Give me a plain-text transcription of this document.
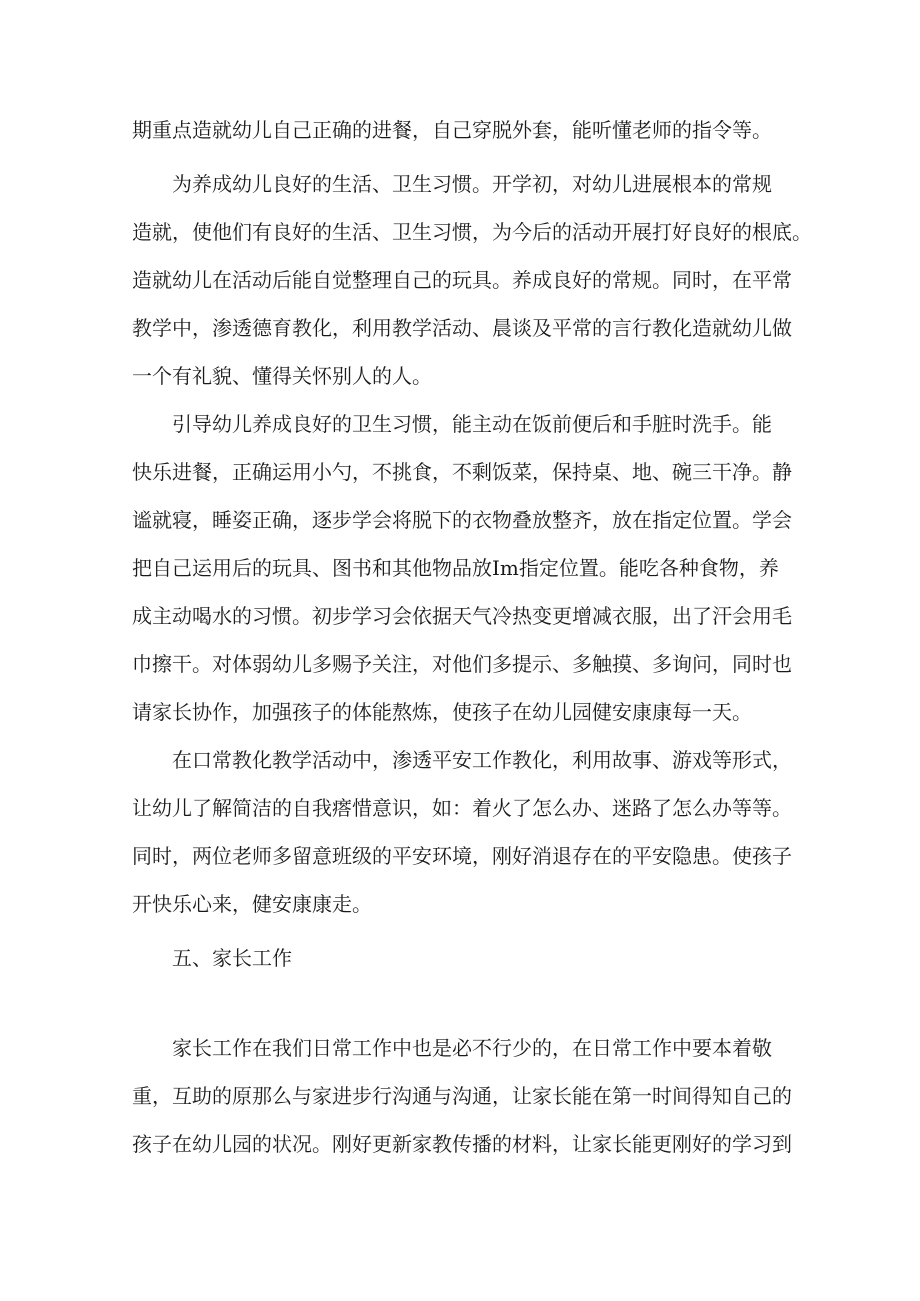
期重点造就幼儿自己正确的进餐，自己穿脱外套，能听懂老师的指令等。
　　为养成幼儿良好的生活、卫生习惯。开学初，对幼儿进展根本的常规
造就，使他们有良好的生活、卫生习惯，为今后的活动开展打好良好的根底。
造就幼儿在活动后能自觉整理自己的玩具。养成良好的常规。同时，在平常
教学中，渗透德育教化，利用教学活动、晨谈及平常的言行教化造就幼儿做
一个有礼貌、懂得关怀别人的人。
　　引导幼儿养成良好的卫生习惯，能主动在饭前便后和手脏时洗手。能
快乐进餐，正确运用小勺，不挑食，不剩饭菜，保持桌、地、碗三干净。静
谧就寝，睡姿正确，逐步学会将脱下的衣物叠放整齐，放在指定位置。学会
把自己运用后的玩具、图书和其他物品放Im指定位置。能吃各种食物，养
成主动喝水的习惯。初步学习会依据天气冷热变更增减衣服，出了汗会用毛
巾擦干。对体弱幼儿多赐予关注，对他们多提示、多触摸、多询问，同时也
请家长协作，加强孩子的体能熬炼，使孩子在幼儿园健安康康每一天。
　　在口常教化教学活动中，渗透平安工作教化，利用故事、游戏等形式，
让幼儿了解简洁的自我瘩惜意识，如：着火了怎么办、迷路了怎么办等等。
同时，两位老师多留意班级的平安环境，刚好消退存在的平安隐患。使孩子
开快乐心来，健安康康走。
　　五、家长工作
　　家长工作在我们日常工作中也是必不行少的，在日常工作中要本着敬
重，互助的原那么与家进步行沟通与沟通，让家长能在第一时间得知自己的
孩子在幼儿园的状况。刚好更新家教传播的材料，让家长能更刚好的学习到
